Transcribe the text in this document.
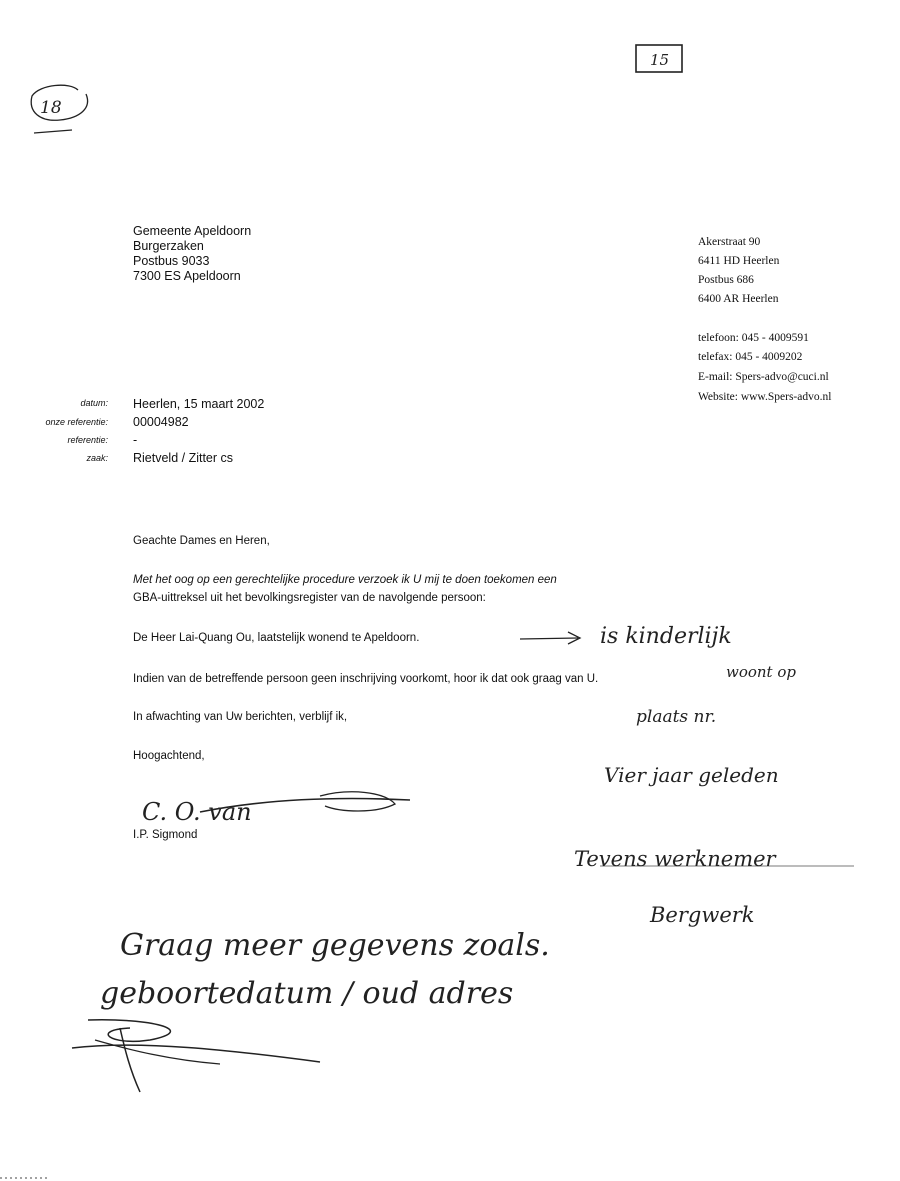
18
15
C. O. van
is kinderlijk
woont op
plaats nr.
Vier jaar geleden
Tevens werknemer
Bergwerk
Graag meer gegevens zoals.
geboortedatum / oud adres
Gemeente Apeldoorn
Burgerzaken
Postbus 9033
7300 ES Apeldoorn
Akerstraat 90
6411 HD Heerlen
Postbus 686
6400 AR Heerlen
telefoon: 045 - 4009591
telefax: 045 - 4009202
E-mail: Spers-advo@cuci.nl
Website: www.Spers-advo.nl
datum: Heerlen, 15 maart 2002
onze referentie: 00004982
referentie: -
zaak: Rietveld / Zitter cs
Geachte Dames en Heren,
Met het oog op een gerechtelijke procedure verzoek ik U mij te doen toekomen een
GBA-uittreksel uit het bevolkingsregister van de navolgende persoon:
De Heer Lai-Quang Ou, laatstelijk wonend te Apeldoorn.
Indien van de betreffende persoon geen inschrijving voorkomt, hoor ik dat ook graag van U.
In afwachting van Uw berichten, verblijf ik,
Hoogachtend,
I.P. Sigmond
